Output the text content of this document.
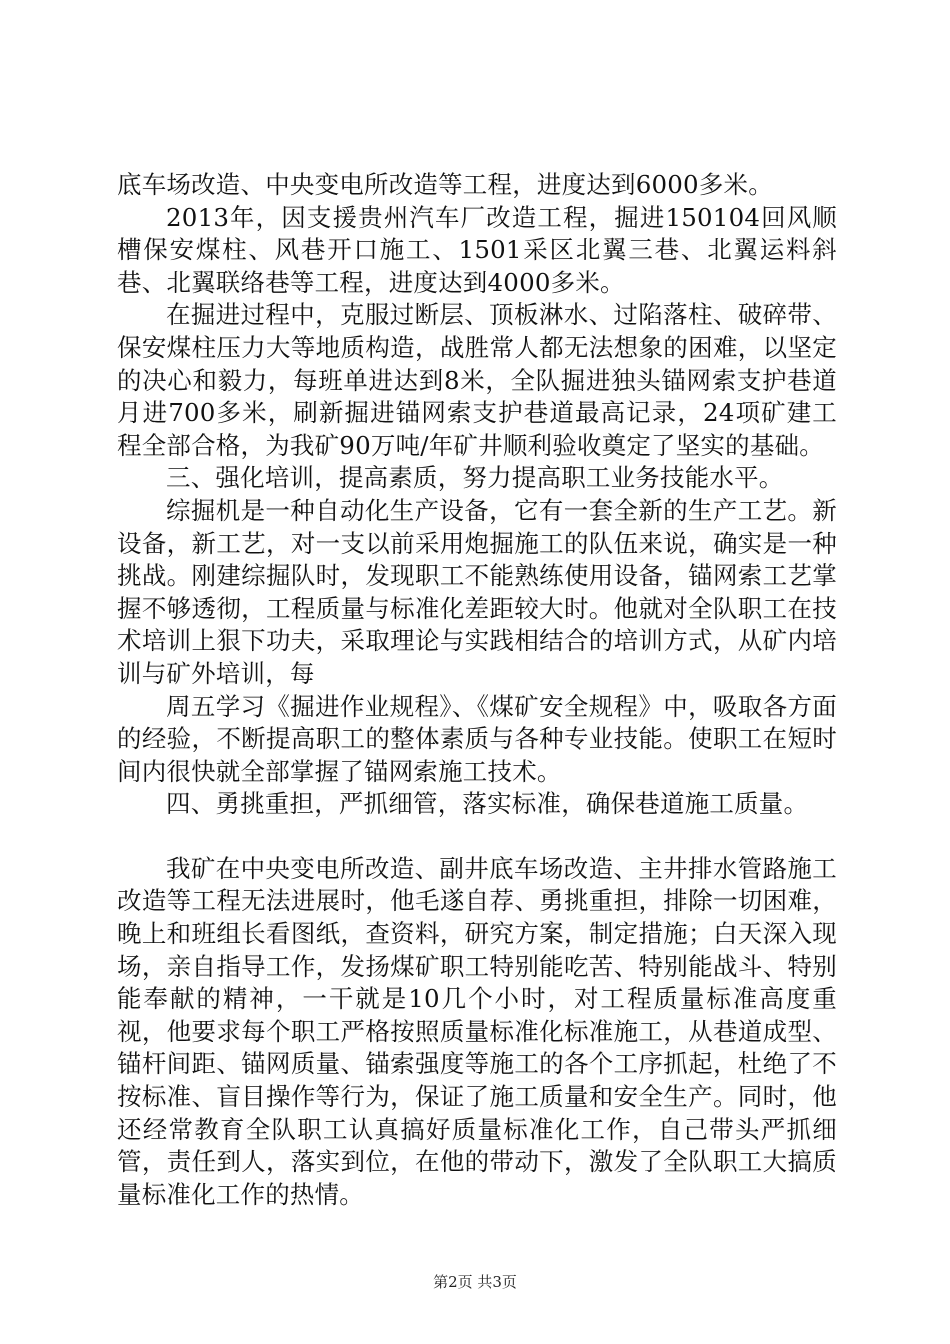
底车场改造、中央变电所改造等工程，进度达到6000多米。

2013年，因支援贵州汽车厂改造工程，掘进150104回风顺槽保安煤柱、风巷开口施工、1501采区北翼三巷、北翼运料斜巷、北翼联络巷等工程，进度达到4000多米。

在掘进过程中，克服过断层、顶板淋水、过陷落柱、破碎带、保安煤柱压力大等地质构造，战胜常人都无法想象的困难，以坚定的决心和毅力，每班单进达到8米，全队掘进独头锚网索支护巷道月进700多米，刷新掘进锚网索支护巷道最高记录，24项矿建工程全部合格，为我矿90万吨/年矿井顺利验收奠定了坚实的基础。

三、强化培训，提高素质，努力提高职工业务技能水平。

综掘机是一种自动化生产设备，它有一套全新的生产工艺。新设备，新工艺，对一支以前采用炮掘施工的队伍来说，确实是一种挑战。刚建综掘队时，发现职工不能熟练使用设备，锚网索工艺掌握不够透彻，工程质量与标准化差距较大时。他就对全队职工在技术培训上狠下功夫，采取理论与实践相结合的培训方式，从矿内培训与矿外培训，每

周五学习《掘进作业规程》、《煤矿安全规程》中，吸取各方面的经验，不断提高职工的整体素质与各种专业技能。使职工在短时间内很快就全部掌握了锚网索施工技术。

四、勇挑重担，严抓细管，落实标准，确保巷道施工质量。

我矿在中央变电所改造、副井底车场改造、主井排水管路施工改造等工程无法进展时，他毛遂自荐、勇挑重担，排除一切困难，晚上和班组长看图纸，查资料，研究方案，制定措施；白天深入现场，亲自指导工作，发扬煤矿职工特别能吃苦、特别能战斗、特别能奉献的精神，一干就是10几个小时，对工程质量标准高度重视，他要求每个职工严格按照质量标准化标准施工，从巷道成型、锚杆间距、锚网质量、锚索强度等施工的各个工序抓起，杜绝了不按标准、盲目操作等行为，保证了施工质量和安全生产。同时，他还经常教育全队职工认真搞好质量标准化工作，自己带头严抓细管，责任到人，落实到位，在他的带动下，激发了全队职工大搞质量标准化工作的热情。

第2页 共3页
